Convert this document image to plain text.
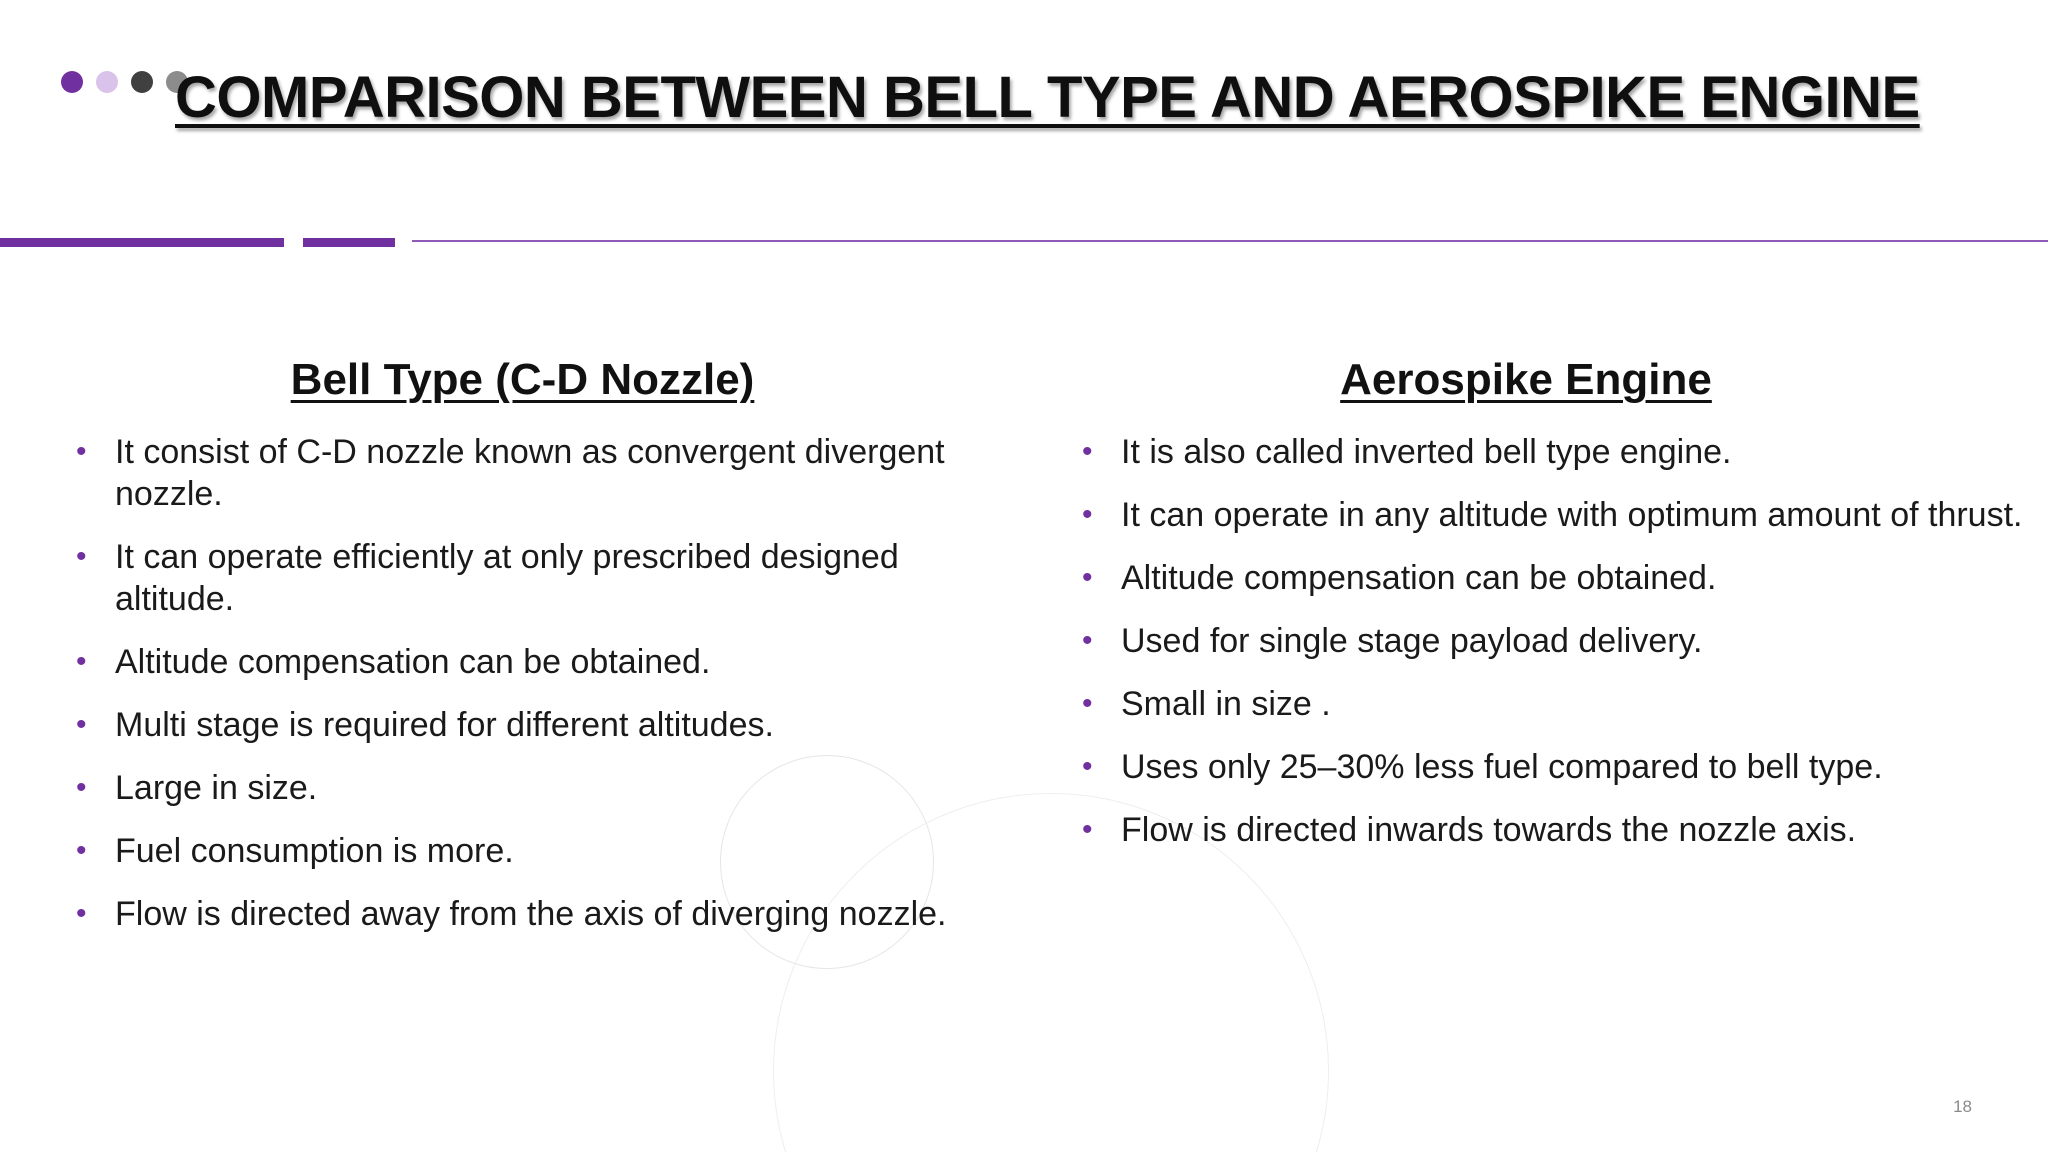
COMPARISON BETWEEN BELL TYPE AND AEROSPIKE ENGINE
Bell Type (C-D Nozzle)
• It consist of C-D nozzle known as convergent divergent nozzle.
• It can operate efficiently at only prescribed designed altitude.
• Altitude compensation can be obtained.
• Multi stage is required for different altitudes.
• Large in size.
• Fuel consumption is more.
• Flow is directed away from the axis of diverging nozzle.
Aerospike Engine
• It is also called inverted bell type engine.
• It can operate in any altitude with optimum amount of thrust.
• Altitude compensation can be obtained.
• Used for single stage payload delivery.
• Small in size .
• Uses only 25–30% less fuel compared to bell type.
• Flow is directed inwards towards the nozzle axis.
18
